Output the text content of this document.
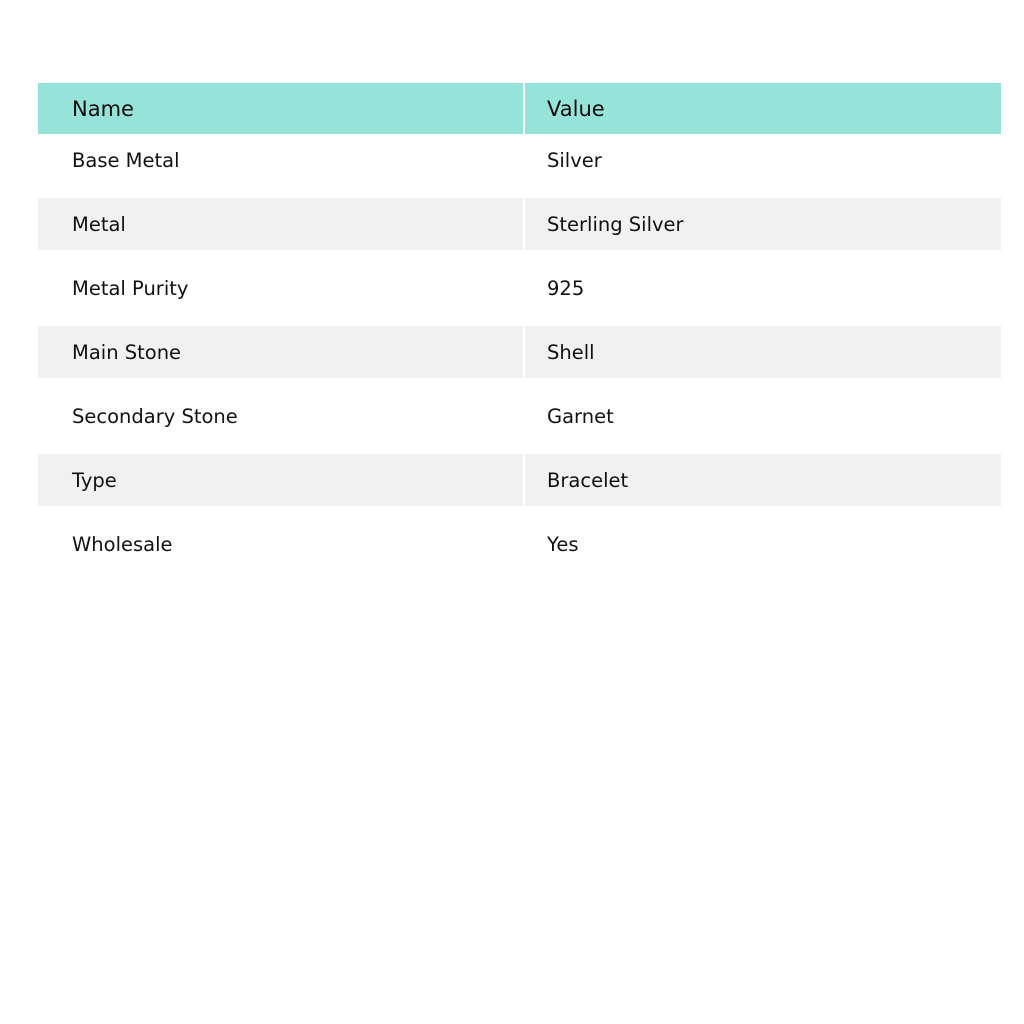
Name	Value
Base Metal	Silver
Metal	Sterling Silver
Metal Purity	925
Main Stone	Shell
Secondary Stone	Garnet
Type	Bracelet
Wholesale	Yes
